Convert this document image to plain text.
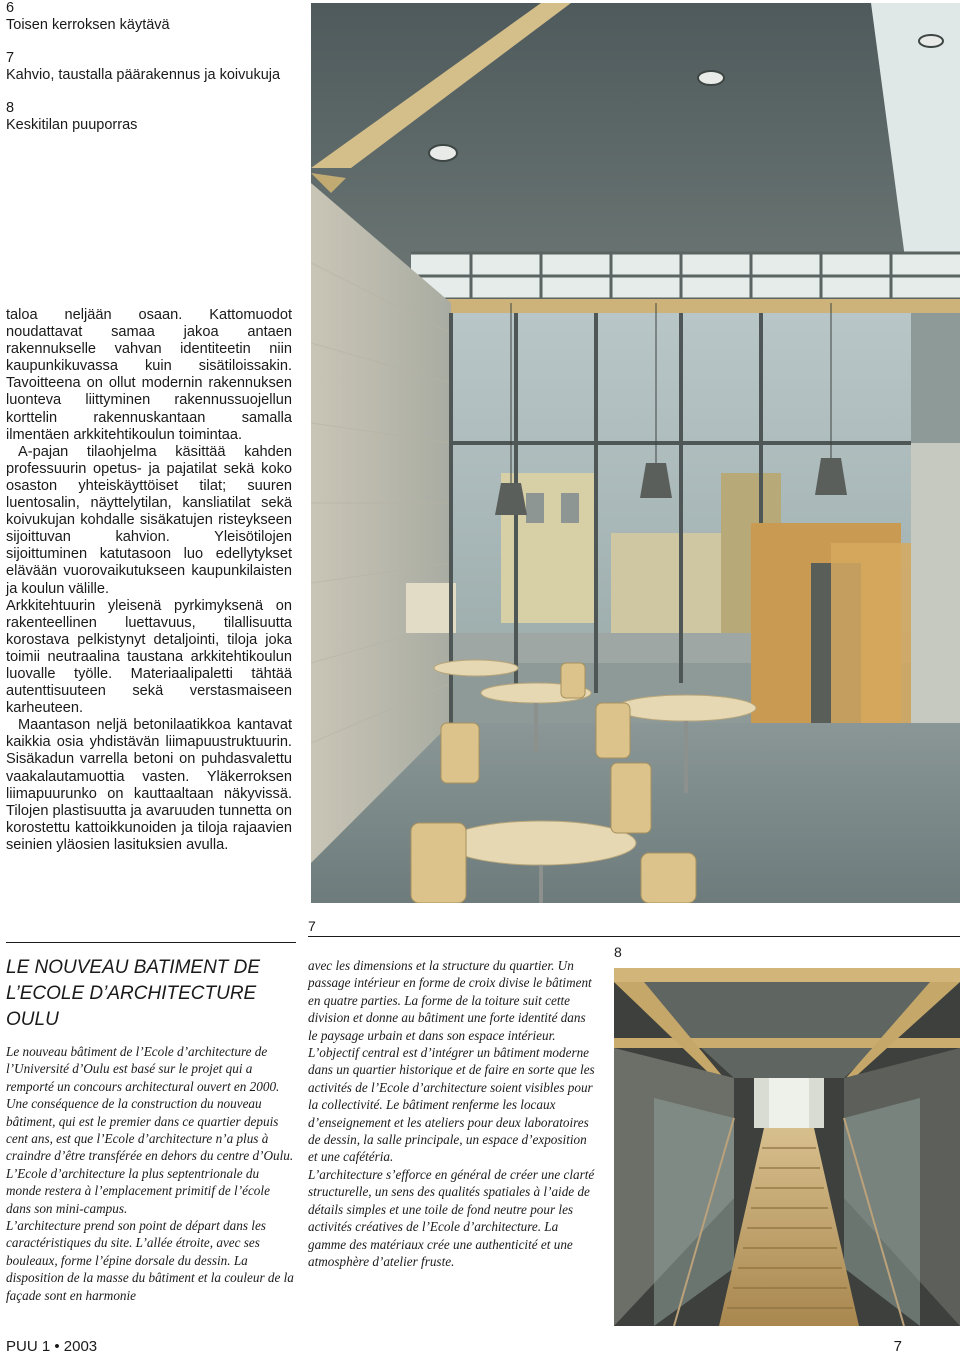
6
Toisen kerroksen käytävä
7
Kahvio, taustalla päärakennus ja koivukuja
8
Keskitilan puuporras

taloa neljään osaan. Kattomuodot noudattavat samaa jakoa antaen rakennukselle vahvan identiteetin niin kaupunkikuvassa kuin sisätiloissakin. Tavoitteena on ollut modernin rakennuksen luonteva liittyminen rakennussuojellun korttelin rakennuskantaan samalla ilmentäen arkkitehtikoulun toimintaa.

A-pajan tilaohjelma käsittää kahden professuurin opetus- ja pajatilat sekä koko osaston yhteiskäyttöiset tilat; suuren luentosalin, näyttelytilan, kansliatilat sekä koivukujan kohdalle sisäkatujen risteykseen sijoittuvan kahvion. Yleisötilojen sijoittuminen katutasoon luo edellytykset elävään vuorovaikutukseen kaupunkilaisten ja koulun välille.

Arkkitehtuurin yleisenä pyrkimyksenä on rakenteellinen luettavuus, tilallisuutta korostava pelkistynyt detaljointi, tiloja joka toimii neutraalina taustana arkkitehtikoulun luovalle työlle. Materiaalipaletti tähtää autenttisuuteen sekä verstasmaiseen karheuteen.

Maantason neljä betonilaatikkoa kantavat kaikkia osia yhdistävän liimapuustruktuurin. Sisäkadun varrella betoni on puhdasvalettu vaakalautamuottia vasten. Yläkerroksen liimapuurunko on kauttaaltaan näkyvissä. Tilojen plastisuutta ja avaruuden tunnetta on korostettu kattoikkunoiden ja tiloja rajaavien seinien yläosien lasituksien avulla.

7
8
LE NOUVEAU BATIMENT DE
L’ECOLE D’ARCHITECTURE
OULU

Le nouveau bâtiment de l’Ecole d’architecture de l’Université d’Oulu est basé sur le projet qui a remporté un concours architectural ouvert en 2000. Une conséquence de la construction du nouveau bâtiment, qui est le premier dans ce quartier depuis cent ans, est que l’Ecole d’architecture n’a plus à craindre d’être transférée en dehors du centre d’Oulu. L’Ecole d’architecture la plus septentrionale du monde restera à l’emplacement primitif de l’école dans son mini-campus.

L’architecture prend son point de départ dans les caractéristiques du site. L’allée étroite, avec ses bouleaux, forme l’épine dorsale du dessin. La disposition de la masse du bâtiment et la couleur de la façade sont en harmonie

avec les dimensions et la structure du quartier. Un passage intérieur en forme de croix divise le bâtiment en quatre parties. La forme de la toiture suit cette division et donne au bâtiment une forte identité dans le paysage urbain et dans son espace intérieur. L’objectif central est d’intégrer un bâtiment moderne dans un quartier historique et de faire en sorte que les activités de l’Ecole d’architecture soient visibles pour la collectivité. Le bâtiment renferme les locaux d’enseignement et les ateliers pour deux laboratoires de dessin, la salle principale, un espace d’exposition et une cafétéria.

L’architecture s’efforce en général de créer une clarté structurelle, un sens des qualités spatiales à l’aide de détails simples et une toile de fond neutre pour les activités créatives de l’Ecole d’architecture. La gamme des matériaux crée une authenticité et une atmosphère d’atelier fruste.

PUU 1 • 2003	7
